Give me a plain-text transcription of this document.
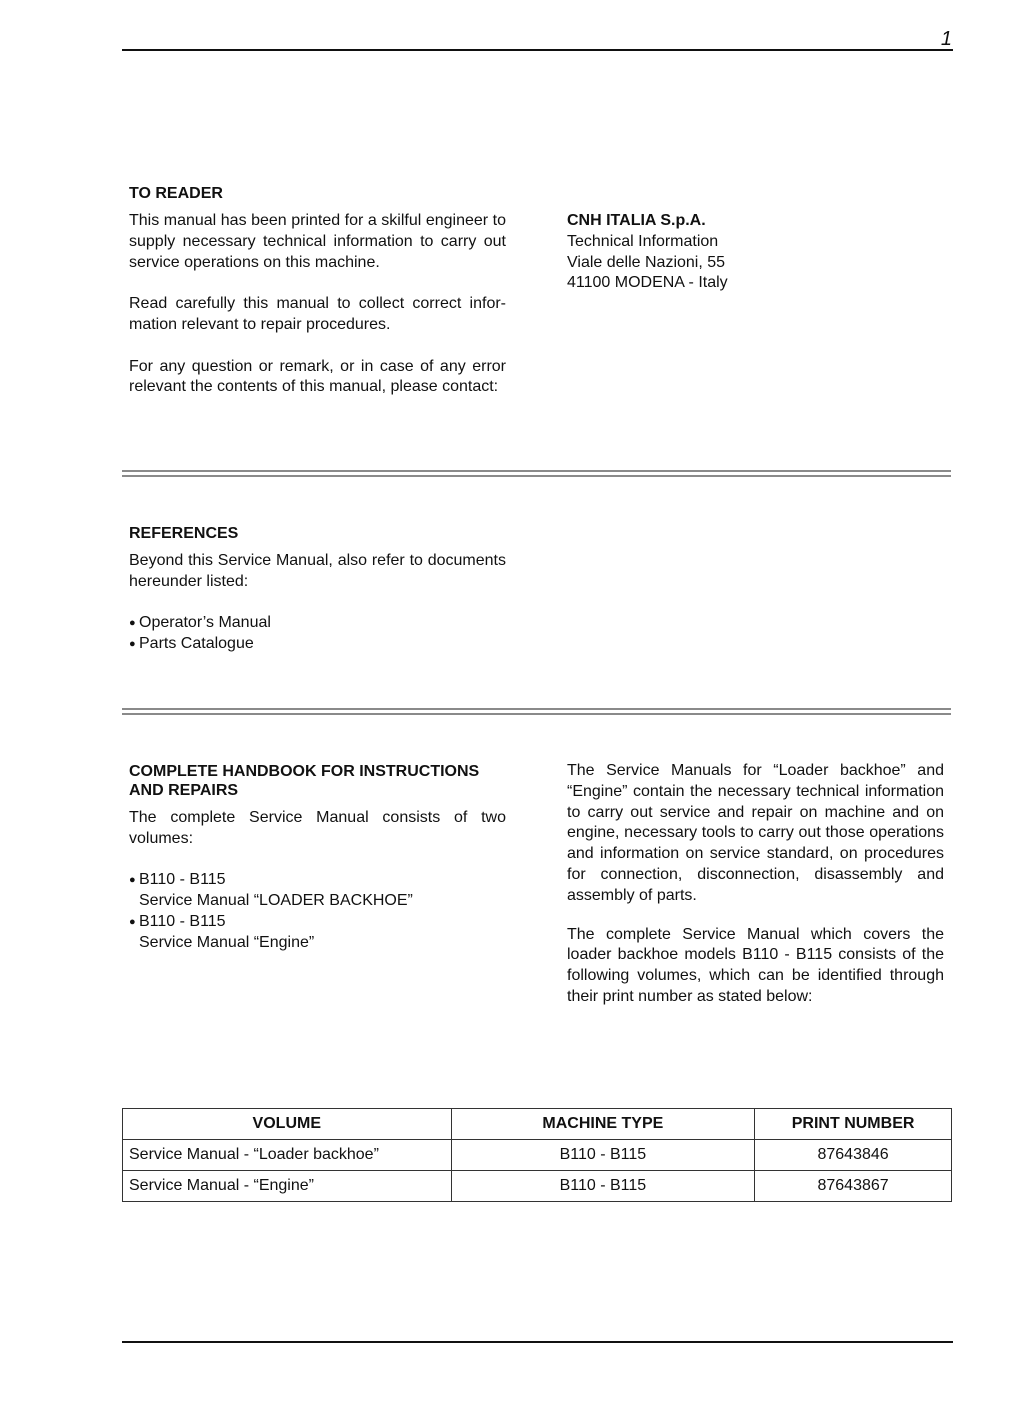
1
TO READER

This manual has been printed for a skilful engineer to supply necessary technical information to carry out service operations on this machine.

Read carefully this manual to collect correct information relevant to repair procedures.

For any question or remark, or in case of any error relevant the contents of this manual, please contact:

CNH ITALIA S.p.A.
Technical Information
Viale delle Nazioni, 55
41100 MODENA - Italy
REFERENCES

Beyond this Service Manual, also refer to documents hereunder listed:

● Operator’s Manual
● Parts Catalogue
COMPLETE HANDBOOK FOR INSTRUCTIONS AND REPAIRS

The complete Service Manual consists of two volumes:

● B110 - B115
Service Manual “LOADER BACKHOE”
● B110 - B115
Service Manual “Engine”

The Service Manuals for “Loader backhoe” and “Engine” contain the necessary technical information to carry out service and repair on machine and on engine, necessary tools to carry out those operations and information on service standard, on procedures for connection, disconnection, disassembly and assembly of parts.

The complete Service Manual which covers the loader backhoe models B110 - B115 consists of the following volumes, which can be identified through their print number as stated below:

VOLUME	MACHINE TYPE	PRINT NUMBER
Service Manual - “Loader backhoe”	B110 - B115	87643846
Service Manual - “Engine”	B110 - B115	87643867
